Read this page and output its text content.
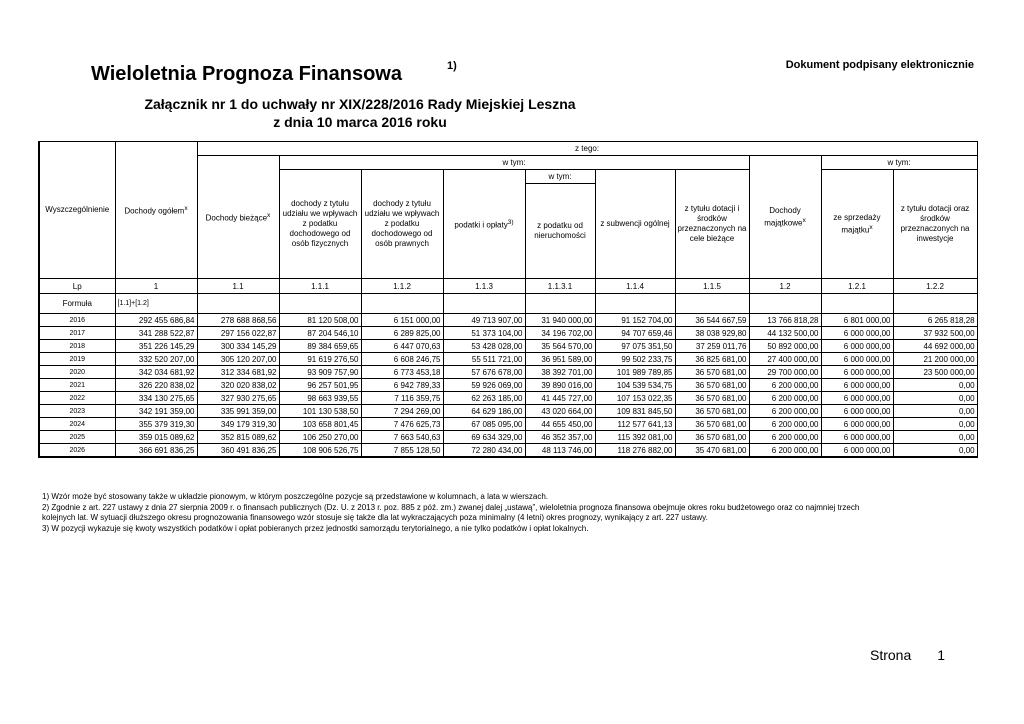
Wieloletnia Prognoza Finansowa	1)	Dokument podpisany elektronicznie
Załącznik nr 1 do uchwały nr XIX/228/2016 Rady Miejskiej Leszna
z dnia 10 marca 2016 roku
Wyszczególnienie	Dochody ogółem$^x$	z tego:									
		Dochody bieżące$^x$	w tym:						Dochody majątkowe$^x$	w tym:	
			dochody z tytułu udziału we wpływach z podatku dochodowego od osób fizycznych	dochody z tytułu udziału we wpływach z podatku dochodowego od osób prawnych	podatki i opłaty$^{3)}$	w tym:	z subwencji ogólnej	z tytułu dotacji i środków przeznaczonych na cele bieżące		ze sprzedaży majątku$^x$	z tytułu dotacji oraz środków przeznaczonych na inwestycje
						z podatku od nieruchomości					
Lp	1	1.1	1.1.1	1.1.2	1.1.3	1.1.3.1	1.1.4	1.1.5	1.2	1.2.1	1.2.2
Formuła	[1.1]+[1.2]										
2016	292 455 686,84	278 688 868,56	81 120 508,00	6 151 000,00	49 713 907,00	31 940 000,00	91 152 704,00	36 544 667,59	13 766 818,28	6 801 000,00	6 265 818,28
2017	341 288 522,87	297 156 022,87	87 204 546,10	6 289 825,00	51 373 104,00	34 196 702,00	94 707 659,46	38 038 929,80	44 132 500,00	6 000 000,00	37 932 500,00
2018	351 226 145,29	300 334 145,29	89 384 659,65	6 447 070,63	53 428 028,00	35 564 570,00	97 075 351,50	37 259 011,76	50 892 000,00	6 000 000,00	44 692 000,00
2019	332 520 207,00	305 120 207,00	91 619 276,50	6 608 246,75	55 511 721,00	36 951 589,00	99 502 233,75	36 825 681,00	27 400 000,00	6 000 000,00	21 200 000,00
2020	342 034 681,92	312 334 681,92	93 909 757,90	6 773 453,18	57 676 678,00	38 392 701,00	101 989 789,85	36 570 681,00	29 700 000,00	6 000 000,00	23 500 000,00
2021	326 220 838,02	320 020 838,02	96 257 501,95	6 942 789,33	59 926 069,00	39 890 016,00	104 539 534,75	36 570 681,00	6 200 000,00	6 000 000,00	0,00
2022	334 130 275,65	327 930 275,65	98 663 939,55	7 116 359,75	62 263 185,00	41 445 727,00	107 153 022,35	36 570 681,00	6 200 000,00	6 000 000,00	0,00
2023	342 191 359,00	335 991 359,00	101 130 538,50	7 294 269,00	64 629 186,00	43 020 664,00	109 831 845,50	36 570 681,00	6 200 000,00	6 000 000,00	0,00
2024	355 379 319,30	349 179 319,30	103 658 801,45	7 476 625,73	67 085 095,00	44 655 450,00	112 577 641,13	36 570 681,00	6 200 000,00	6 000 000,00	0,00
2025	359 015 089,62	352 815 089,62	106 250 270,00	7 663 540,63	69 634 329,00	46 352 357,00	115 392 081,00	36 570 681,00	6 200 000,00	6 000 000,00	0,00
2026	366 691 836,25	360 491 836,25	108 906 526,75	7 855 128,50	72 280 434,00	48 113 746,00	118 276 882,00	35 470 681,00	6 200 000,00	6 000 000,00	0,00
1) Wzór może być stosowany także w układzie pionowym, w którym poszczególne pozycje są przedstawione w kolumnach, a lata w wierszach.
2) Zgodnie z art. 227 ustawy z dnia 27 sierpnia 2009 r. o finansach publicznych (Dz. U. z 2013 r. poz. 885 z póź. zm.) zwanej dalej „ustawą”, wieloletnia prognoza finansowa obejmuje okres roku budżetowego oraz co najmniej trzech
kolejnych lat. W sytuacji dłuższego okresu prognozowania finansowego wzór stosuje się także dla lat wykraczających poza minimalny (4 letni) okres prognozy, wynikający z art. 227 ustawy.
3) W pozycji wykazuje się kwoty wszystkich podatków i opłat pobieranych przez jednostki samorządu terytorialnego, a nie tylko podatków i opłat lokalnych.
Strona 1
